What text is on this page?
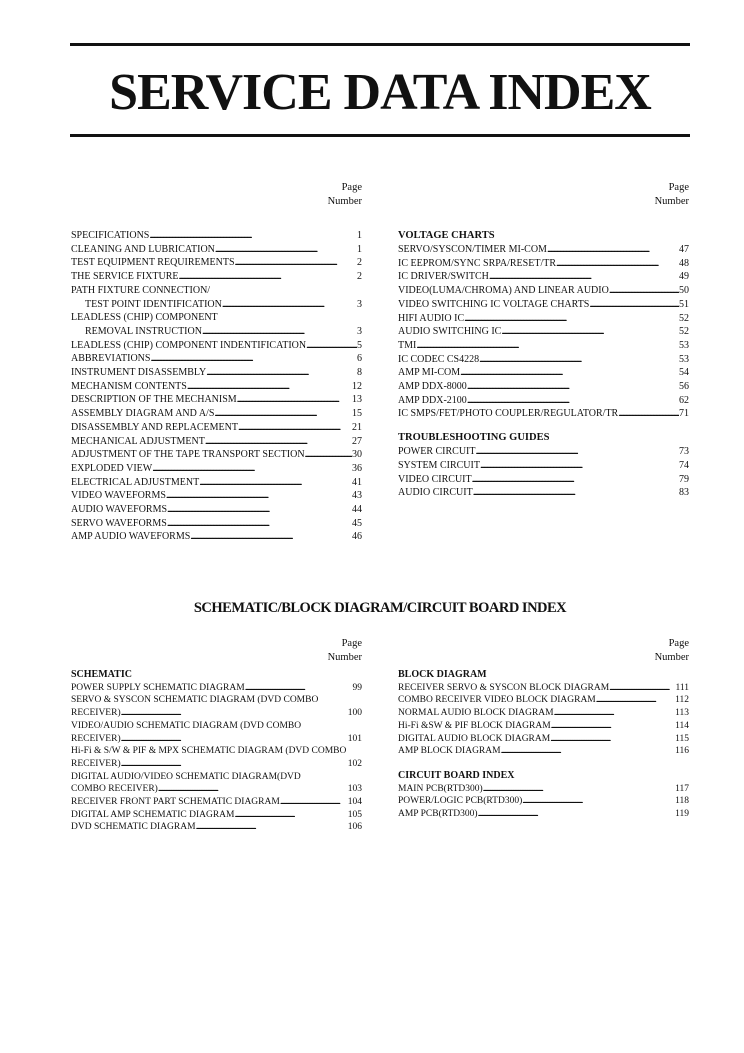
SERVICE DATA INDEX
Page
Number
SPECIFICATIONS . . .	1
CLEANING AND LUBRICATION . . .	1
TEST EQUIPMENT REQUIREMENTS . . .	2
THE SERVICE FIXTURE . . .	2
PATH FIXTURE CONNECTION/
TEST POINT IDENTIFICATION . . .	3
LEADLESS (CHIP) COMPONENT
REMOVAL INSTRUCTION . . .	3
LEADLESS (CHIP) COMPONENT INDENTIFICATION . . .	5
ABBREVIATIONS . . .	6
INSTRUMENT DISASSEMBLY . . .	8
MECHANISM CONTENTS . . .	12
DESCRIPTION OF THE MECHANISM . . .	13
ASSEMBLY DIAGRAM AND A/S . . .	15
DISASSEMBLY AND REPLACEMENT . . .	21
MECHANICAL ADJUSTMENT . . .	27
ADJUSTMENT OF THE TAPE TRANSPORT SECTION . . .	30
EXPLODED VIEW . . .	36
ELECTRICAL ADJUSTMENT . . .	41
VIDEO WAVEFORMS . . .	43
AUDIO WAVEFORMS . . .	44
SERVO WAVEFORMS . . .	45
AMP AUDIO WAVEFORMS . . .	46
Page
Number
VOLTAGE CHARTS
SERVO/SYSCON/TIMER MI-COM . . .	47
IC EEPROM/SYNC SRPA/RESET/TR . . .	48
IC DRIVER/SWITCH . . .	49
VIDEO(LUMA/CHROMA) AND LINEAR AUDIO . . .	50
VIDEO SWITCHING IC VOLTAGE CHARTS . . .	51
HIFI AUDIO IC . . .	52
AUDIO SWITCHING IC . . .	52
TMI . . .	53
IC CODEC CS4228 . . .	53
AMP MI-COM . . .	54
AMP DDX-8000 . . .	56
AMP DDX-2100 . . .	62
IC SMPS/FET/PHOTO COUPLER/REGULATOR/TR . . .	71
TROUBLESHOOTING GUIDES
POWER CIRCUIT . . .	73
SYSTEM CIRCUIT . . .	74
VIDEO CIRCUIT . . .	79
AUDIO CIRCUIT . . .	83
SCHEMATIC/BLOCK DIAGRAM/CIRCUIT BOARD INDEX
Page
Number
SCHEMATIC
POWER SUPPLY SCHEMATIC DIAGRAM . . .	99
SERVO & SYSCON SCHEMATIC DIAGRAM (DVD COMBO
RECEIVER) . . .	100
VIDEO/AUDIO SCHEMATIC DIAGRAM (DVD COMBO
RECEIVER) . . .	101
Hi-Fi & S/W & PIF & MPX SCHEMATIC DIAGRAM (DVD COMBO
RECEIVER) . . .	102
DIGITAL AUDIO/VIDEO SCHEMATIC DIAGRAM(DVD
COMBO RECEIVER) . . .	103
RECEIVER FRONT PART SCHEMATIC DIAGRAM . . .	104
DIGITAL AMP SCHEMATIC DIAGRAM . . .	105
DVD SCHEMATIC DIAGRAM . . .	106
Page
Number
BLOCK DIAGRAM
RECEIVER SERVO & SYSCON BLOCK DIAGRAM . . .	111
COMBO RECEIVER VIDEO BLOCK DIAGRAM . . .	112
NORMAL AUDIO BLOCK DIAGRAM . . .	113
Hi-Fi &SW & PIF BLOCK DIAGRAM . . .	114
DIGITAL AUDIO BLOCK DIAGRAM . . .	115
AMP BLOCK DIAGRAM . . .	116
CIRCUIT BOARD INDEX
MAIN PCB(RTD300) . . .	117
POWER/LOGIC PCB(RTD300) . . .	118
AMP PCB(RTD300) . . .	119
